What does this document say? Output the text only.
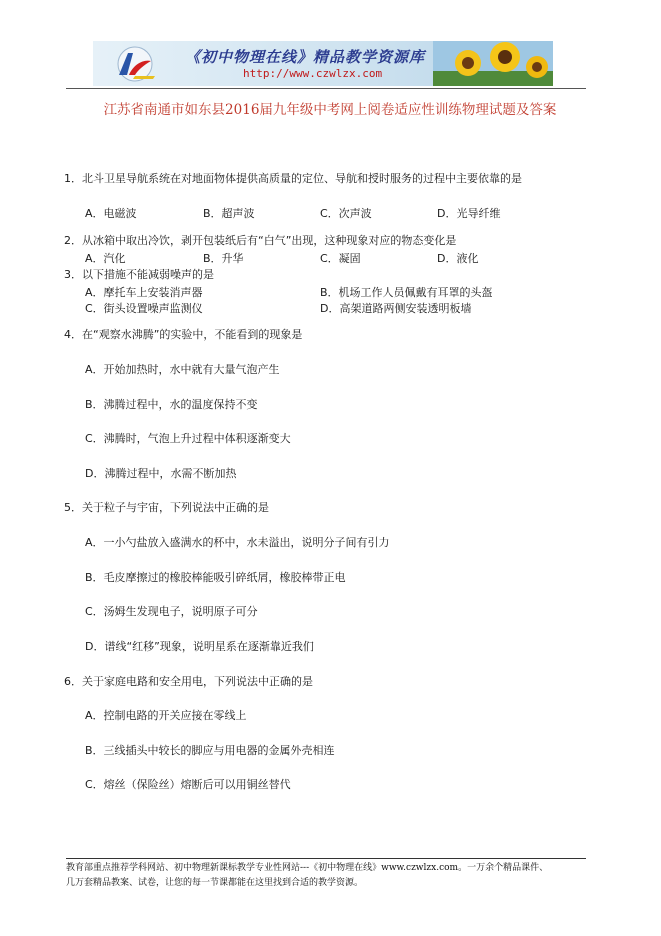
《初中物理在线》精品教学资源库
http://www.czwlzx.com
江苏省南通市如东县2016届九年级中考网上阅卷适应性训练物理试题及答案
1．北斗卫星导航系统在对地面物体提供高质量的定位、导航和授时服务的过程中主要依靠的是
A．电磁波	B．超声波	C．次声波	D．光导纤维
2．从冰箱中取出冷饮，剥开包装纸后有“白气”出现，这种现象对应的物态变化是
A．汽化	B．升华	C．凝固	D．液化
3．以下措施不能减弱噪声的是
A．摩托车上安装消声器	B．机场工作人员佩戴有耳罩的头盔
C．街头设置噪声监测仪	D．高架道路两侧安装透明板墙
4．在“观察水沸腾”的实验中，不能看到的现象是
A．开始加热时，水中就有大量气泡产生
B．沸腾过程中，水的温度保持不变
C．沸腾时，气泡上升过程中体积逐渐变大
D．沸腾过程中，水需不断加热
5．关于粒子与宇宙，下列说法中正确的是
A．一小勺盐放入盛满水的杯中，水未溢出，说明分子间有引力
B．毛皮摩擦过的橡胶棒能吸引碎纸屑，橡胶棒带正电
C．汤姆生发现电子，说明原子可分
D．谱线“红移”现象，说明星系在逐渐靠近我们
6．关于家庭电路和安全用电，下列说法中正确的是
A．控制电路的开关应接在零线上
B．三线插头中较长的脚应与用电器的金属外壳相连
C．熔丝（保险丝）熔断后可以用铜丝替代
教育部重点推荐学科网站、初中物理新课标教学专业性网站---《初中物理在线》www.czwlzx.com。一万余个精品课件、
几万套精品教案、试卷，让您的每一节课都能在这里找到合适的教学资源。
